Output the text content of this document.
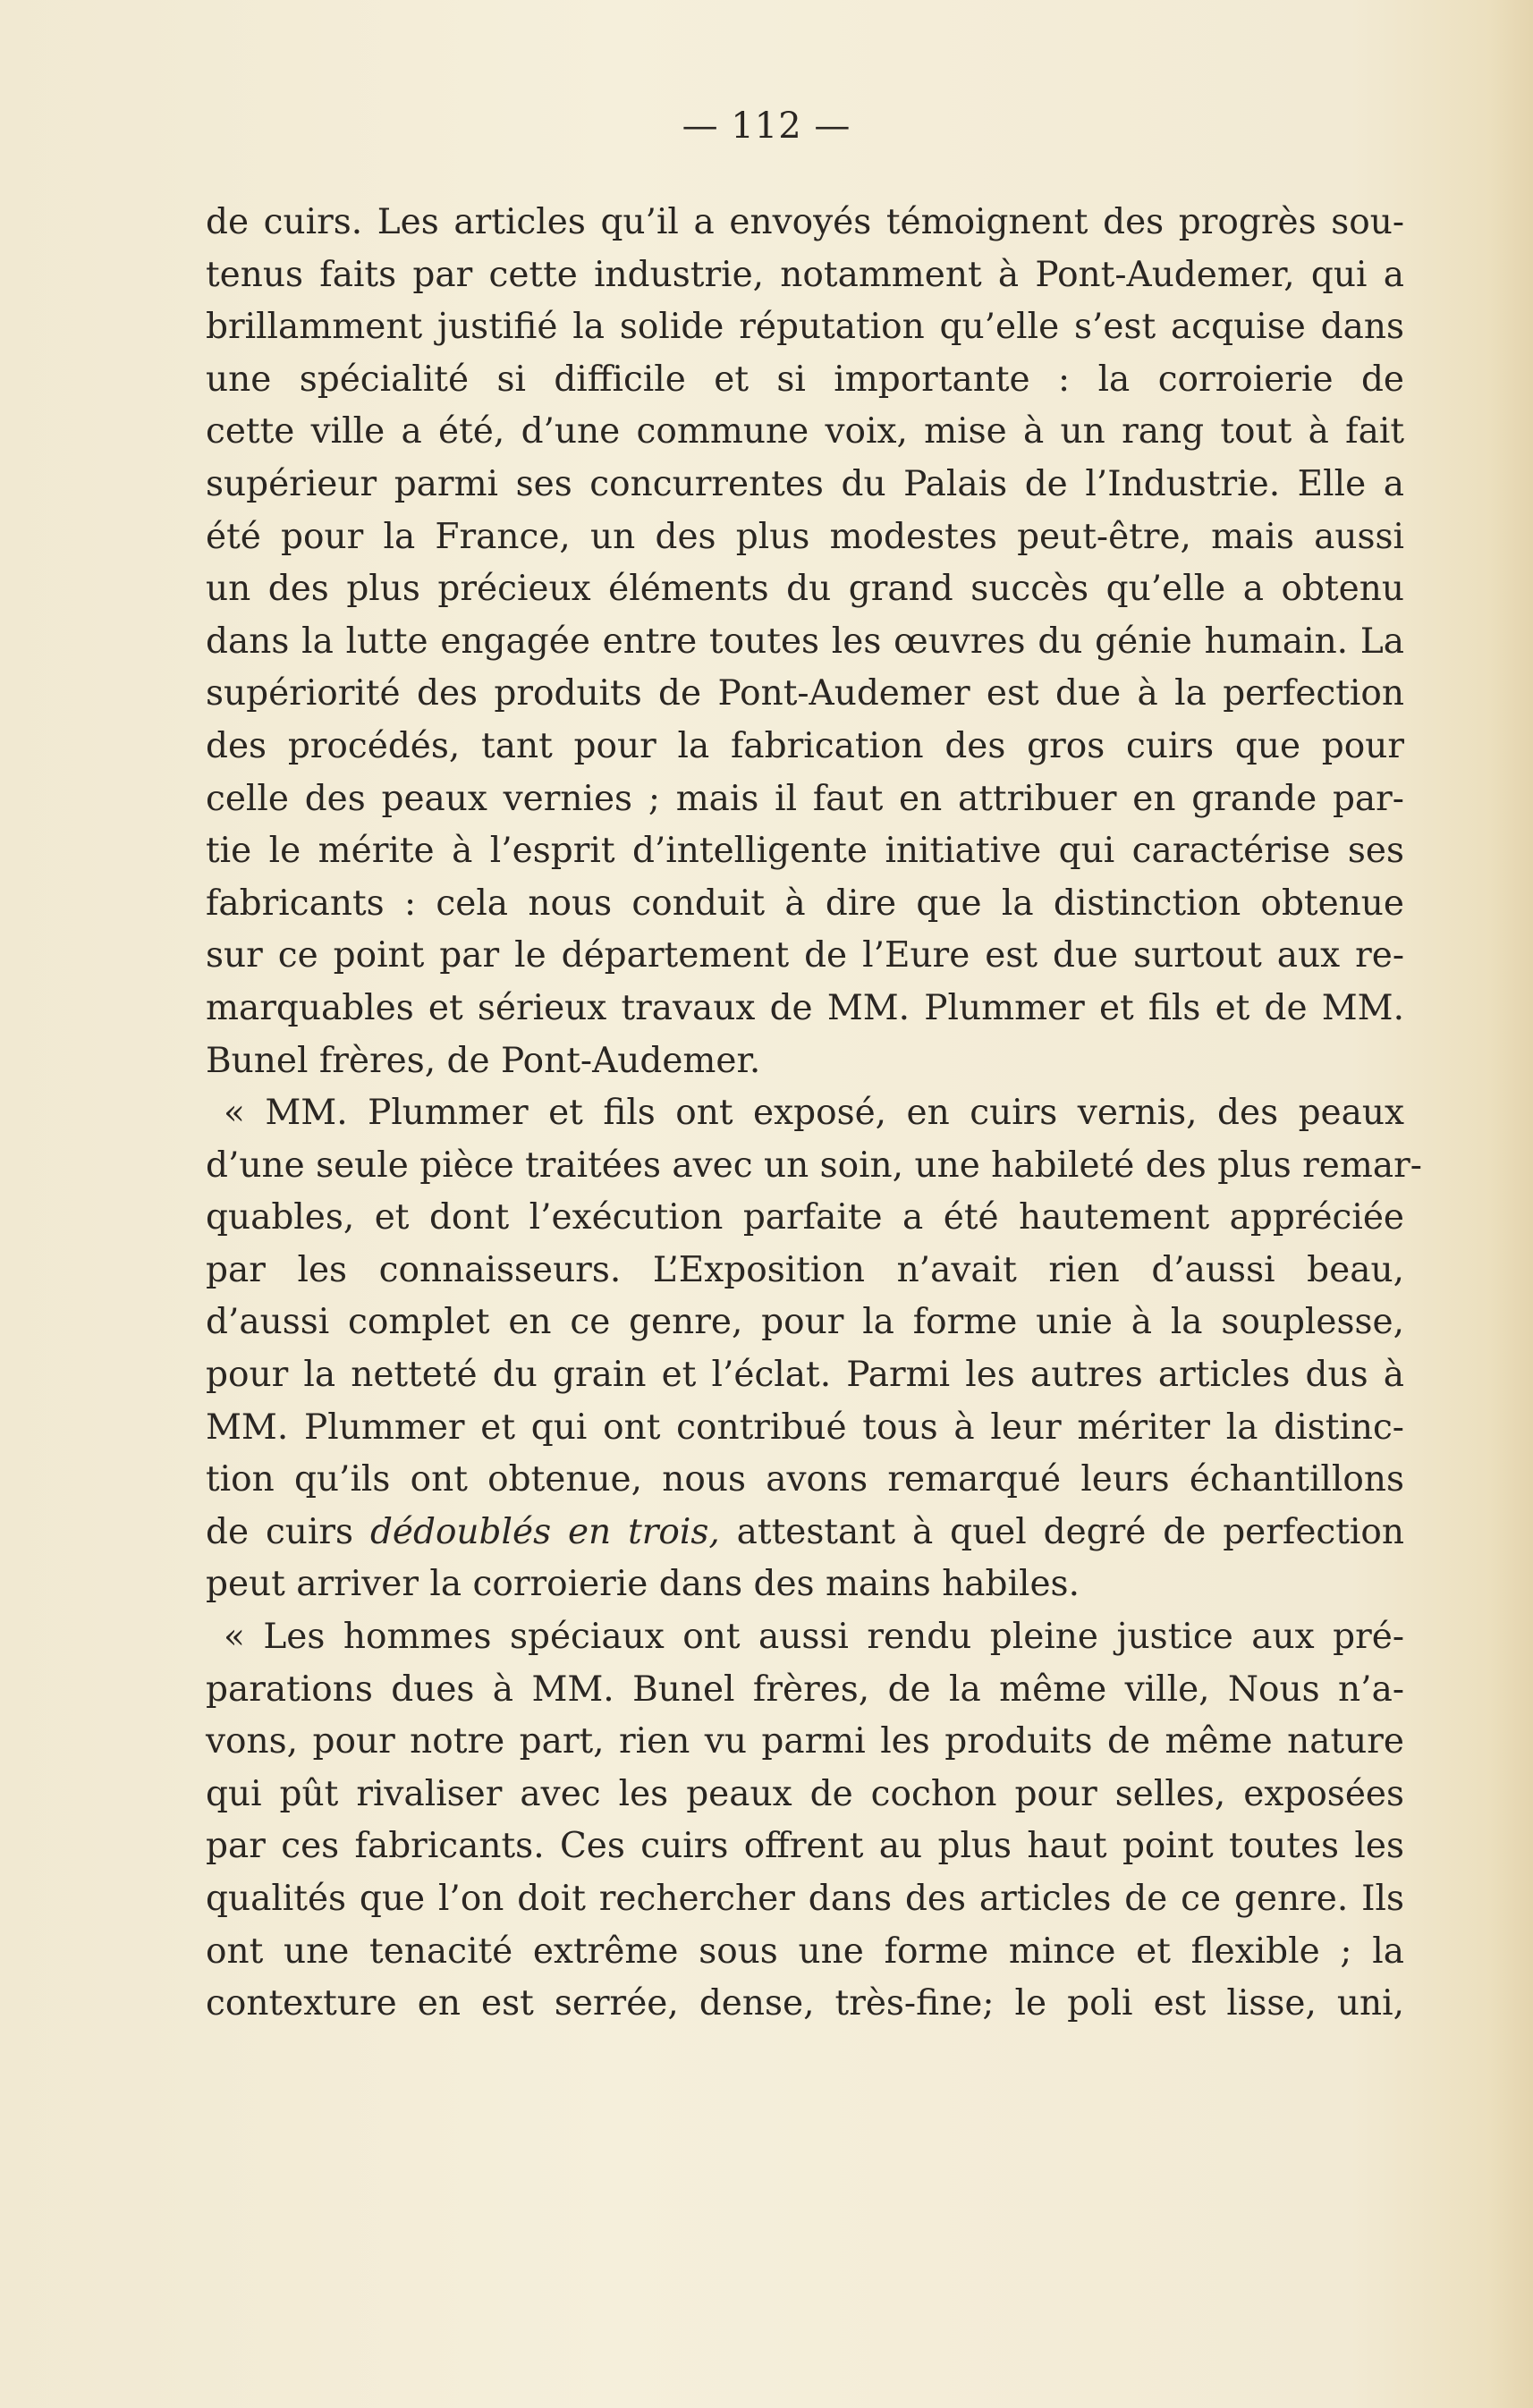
— 112 —
de cuirs. Les articles qu’il a envoyés témoignent des progrès sou-
tenus faits par cette industrie, notamment à Pont-Audemer, qui a
brillamment justifié la solide réputation qu’elle s’est acquise dans
une spécialité si difficile et si importante : la corroierie de
cette ville a été, d’une commune voix, mise à un rang tout à fait
supérieur parmi ses concurrentes du Palais de l’Industrie. Elle a
été pour la France, un des plus modestes peut-être, mais aussi
un des plus précieux éléments du grand succès qu’elle a obtenu
dans la lutte engagée entre toutes les œuvres du génie humain. La
supériorité des produits de Pont-Audemer est due à la perfection
des procédés, tant pour la fabrication des gros cuirs que pour
celle des peaux vernies ; mais il faut en attribuer en grande par-
tie le mérite à l’esprit d’intelligente initiative qui caractérise ses
fabricants : cela nous conduit à dire que la distinction obtenue
sur ce point par le département de l’Eure est due surtout aux re-
marquables et sérieux travaux de MM. Plummer et fils et de MM.
Bunel frères, de Pont-Audemer.
« MM. Plummer et fils ont exposé, en cuirs vernis, des peaux
d’une seule pièce traitées avec un soin, une habileté des plus remar-
quables, et dont l’exécution parfaite a été hautement appréciée
par les connaisseurs. L’Exposition n’avait rien d’aussi beau,
d’aussi complet en ce genre, pour la forme unie à la souplesse,
pour la netteté du grain et l’éclat. Parmi les autres articles dus à
MM. Plummer et qui ont contribué tous à leur mériter la distinc-
tion qu’ils ont obtenue, nous avons remarqué leurs échantillons
de cuirs dédoublés en trois, attestant à quel degré de perfection
peut arriver la corroierie dans des mains habiles.
« Les hommes spéciaux ont aussi rendu pleine justice aux pré-
parations dues à MM. Bunel frères, de la même ville, Nous n’a-
vons, pour notre part, rien vu parmi les produits de même nature
qui pût rivaliser avec les peaux de cochon pour selles, exposées
par ces fabricants. Ces cuirs offrent au plus haut point toutes les
qualités que l’on doit rechercher dans des articles de ce genre. Ils
ont une tenacité extrême sous une forme mince et flexible ; la
contexture en est serrée, dense, très-fine; le poli est lisse, uni,
